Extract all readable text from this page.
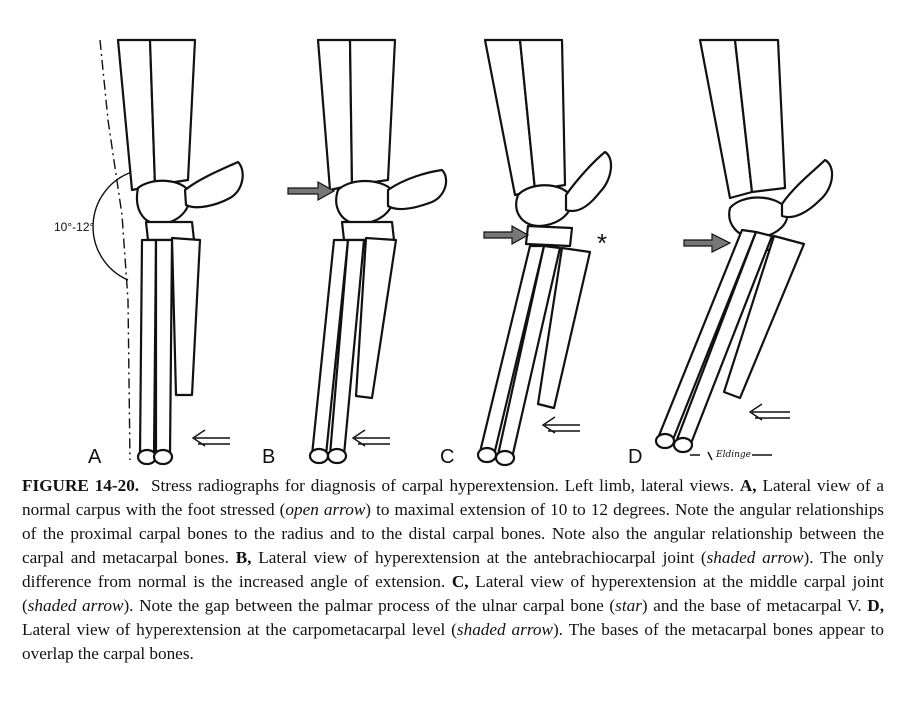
A
10°-12°
B
*
C	D	Eldinge

FIGURE 14-20. Stress radiographs for diagnosis of carpal hyperextension. Left limb, lateral views. A, Lateral view of a normal carpus with the foot stressed (open arrow) to maximal extension of 10 to 12 degrees. Note the angular relationships of the proximal carpal bones to the radius and to the distal carpal bones. Note also the angular relationship between the carpal and metacarpal bones. B, Lateral view of hyperextension at the antebrachiocarpal joint (shaded arrow). The only difference from normal is the increased angle of extension. C, Lateral view of hyperextension at the middle carpal joint (shaded arrow). Note the gap between the palmar process of the ulnar carpal bone (star) and the base of metacarpal V. D, Lateral view of hyperextension at the carpometacarpal level (shaded arrow). The bases of the metacarpal bones appear to overlap the carpal bones.
